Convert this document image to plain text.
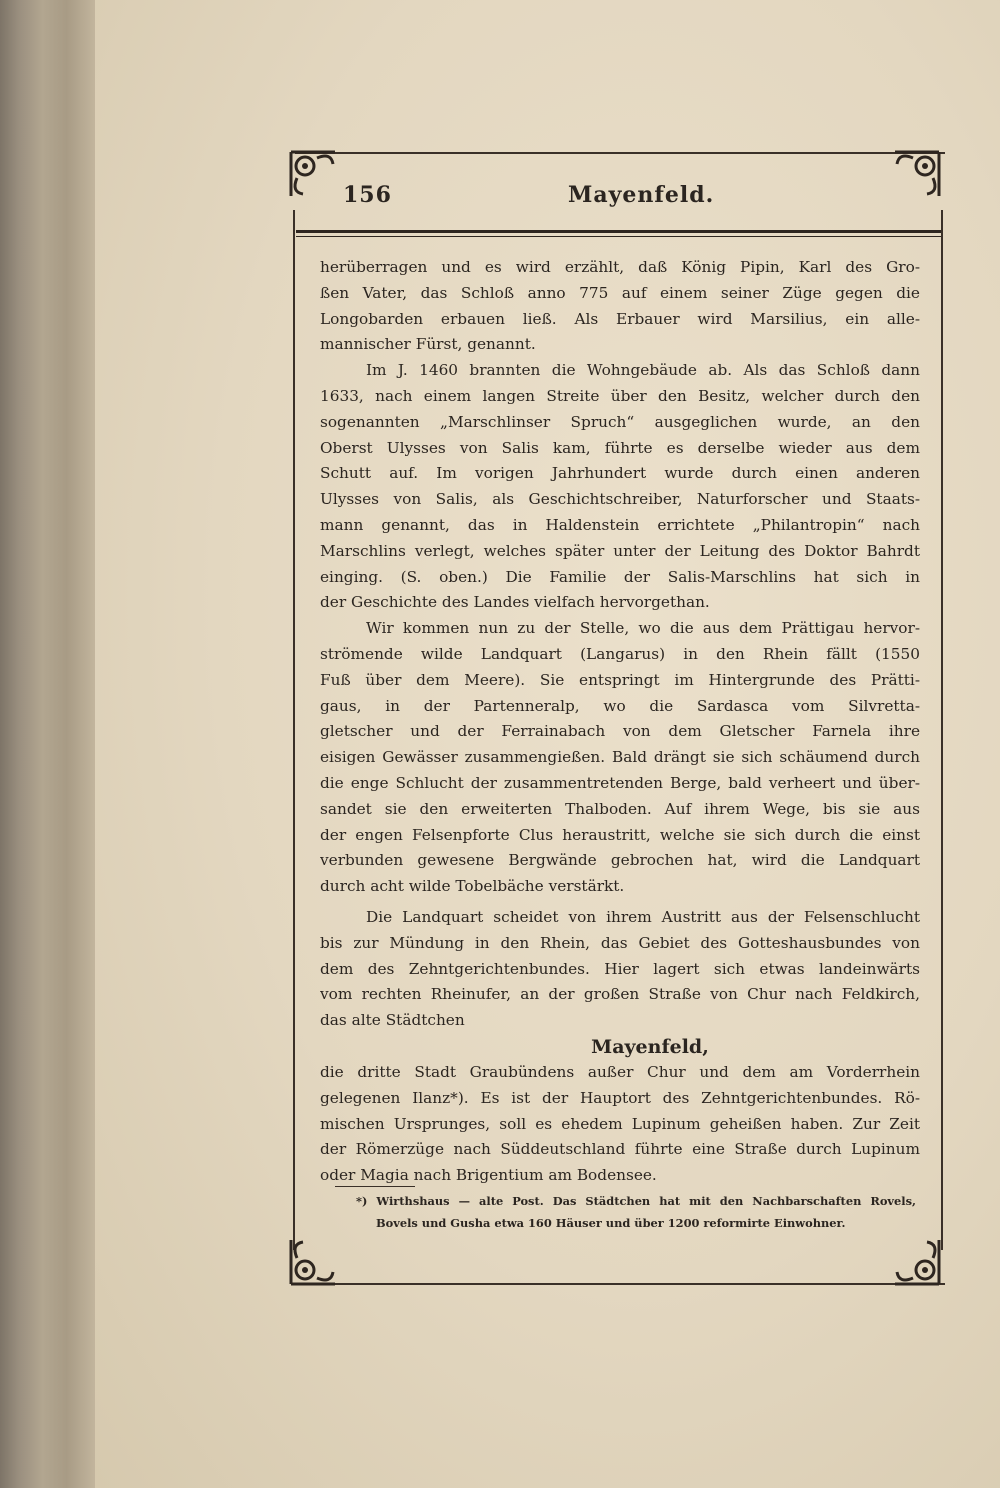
156	Mayenfeld.
herüberragen und es wird erzählt, daß König Pipin, Karl des Gro-
ßen Vater, das Schloß anno 775 auf einem seiner Züge gegen die
Longobarden erbauen ließ. Als Erbauer wird Marsilius, ein alle-
mannischer Fürst, genannt.
Im J. 1460 brannten die Wohngebäude ab. Als das Schloß dann
1633, nach einem langen Streite über den Besitz, welcher durch den
sogenannten „Marschlinser Spruch“ ausgeglichen wurde, an den
Oberst Ulysses von Salis kam, führte es derselbe wieder aus dem
Schutt auf. Im vorigen Jahrhundert wurde durch einen anderen
Ulysses von Salis, als Geschichtschreiber, Naturforscher und Staats-
mann genannt, das in Haldenstein errichtete „Philantropin“ nach
Marschlins verlegt, welches später unter der Leitung des Doktor Bahrdt
einging. (S. oben.) Die Familie der Salis-Marschlins hat sich in
der Geschichte des Landes vielfach hervorgethan.
Wir kommen nun zu der Stelle, wo die aus dem Prättigau hervor-
strömende wilde Landquart (Langarus) in den Rhein fällt (1550
Fuß über dem Meere). Sie entspringt im Hintergrunde des Prätti-
gaus, in der Partenneralp, wo die Sardasca vom Silvretta-
gletscher und der Ferrainabach von dem Gletscher Farnela ihre
eisigen Gewässer zusammengießen. Bald drängt sie sich schäumend durch
die enge Schlucht der zusammentretenden Berge, bald verheert und über-
sandet sie den erweiterten Thalboden. Auf ihrem Wege, bis sie aus
der engen Felsenpforte Clus heraustritt, welche sie sich durch die einst
verbunden gewesene Bergwände gebrochen hat, wird die Landquart
durch acht wilde Tobelbäche verstärkt.
Die Landquart scheidet von ihrem Austritt aus der Felsenschlucht
bis zur Mündung in den Rhein, das Gebiet des Gotteshausbundes von
dem des Zehntgerichtenbundes. Hier lagert sich etwas landeinwärts
vom rechten Rheinufer, an der großen Straße von Chur nach Feldkirch,
das alte Städtchen
Mayenfeld,
die dritte Stadt Graubündens außer Chur und dem am Vorderrhein
gelegenen Ilanz*). Es ist der Hauptort des Zehntgerichtenbundes. Rö-
mischen Ursprunges, soll es ehedem Lupinum geheißen haben. Zur Zeit
der Römerzüge nach Süddeutschland führte eine Straße durch Lupinum
oder Magia nach Brigentium am Bodensee.
*) Wirthshaus — alte Post. Das Städtchen hat mit den Nachbarschaften Rovels,
Bovels und Gusha etwa 160 Häuser und über 1200 reformirte Einwohner.
